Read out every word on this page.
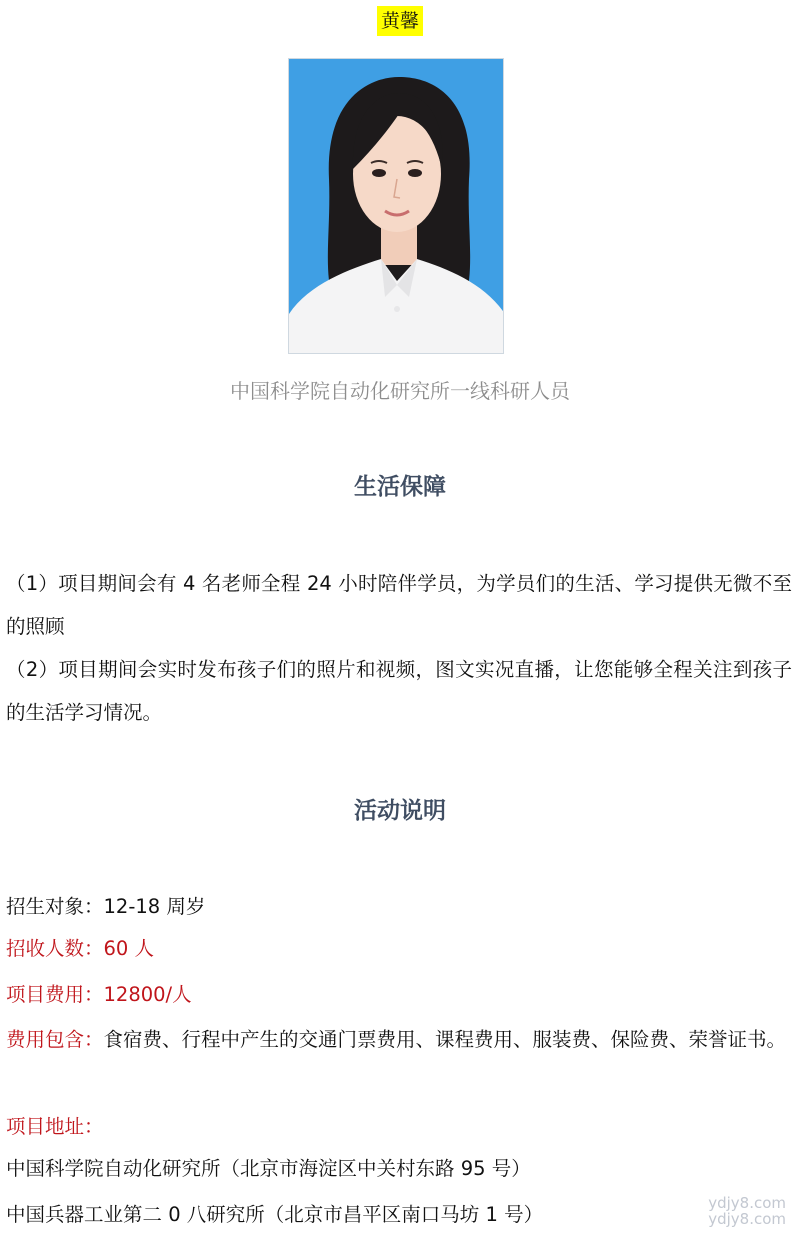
黄馨
中国科学院自动化研究所一线科研人员
生活保障
（1）项目期间会有 4 名老师全程 24 小时陪伴学员，为学员们的生活、学习提供无微不至的照顾
（2）项目期间会实时发布孩子们的照片和视频，图文实况直播，让您能够全程关注到孩子的生活学习情况。
活动说明
招生对象：12-18 周岁
招收人数：60 人
项目费用：12800/人
费用包含：食宿费、行程中产生的交通门票费用、课程费用、服装费、保险费、荣誉证书。
项目地址：
中国科学院自动化研究所（北京市海淀区中关村东路 95 号）
中国兵器工业第二 0 八研究所（北京市昌平区南口马坊 1 号）	ydjy8.com
ydjy8.com
